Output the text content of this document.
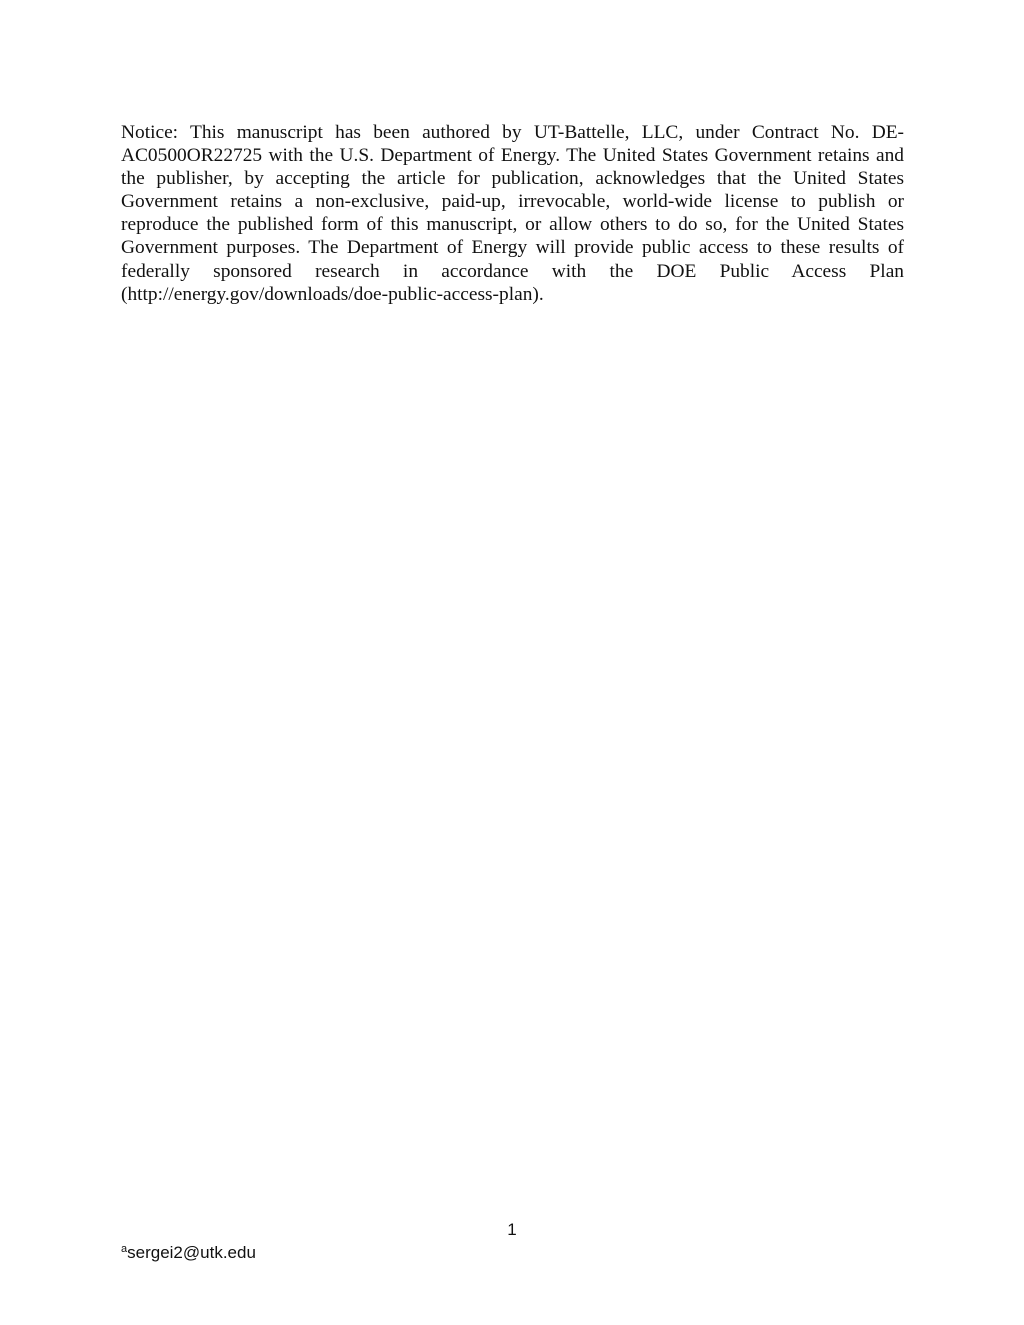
Notice: This manuscript has been authored by UT-Battelle, LLC, under Contract No. DE-
AC0500OR22725 with the U.S. Department of Energy. The United States Government retains and
the publisher, by accepting the article for publication, acknowledges that the United States
Government retains a non-exclusive, paid-up, irrevocable, world-wide license to publish or
reproduce the published form of this manuscript, or allow others to do so, for the United States
Government purposes. The Department of Energy will provide public access to these results of
federally sponsored research in accordance with the DOE Public Access Plan
(http://energy.gov/downloads/doe-public-access-plan).

1
$^a$sergei2@utk.edu
